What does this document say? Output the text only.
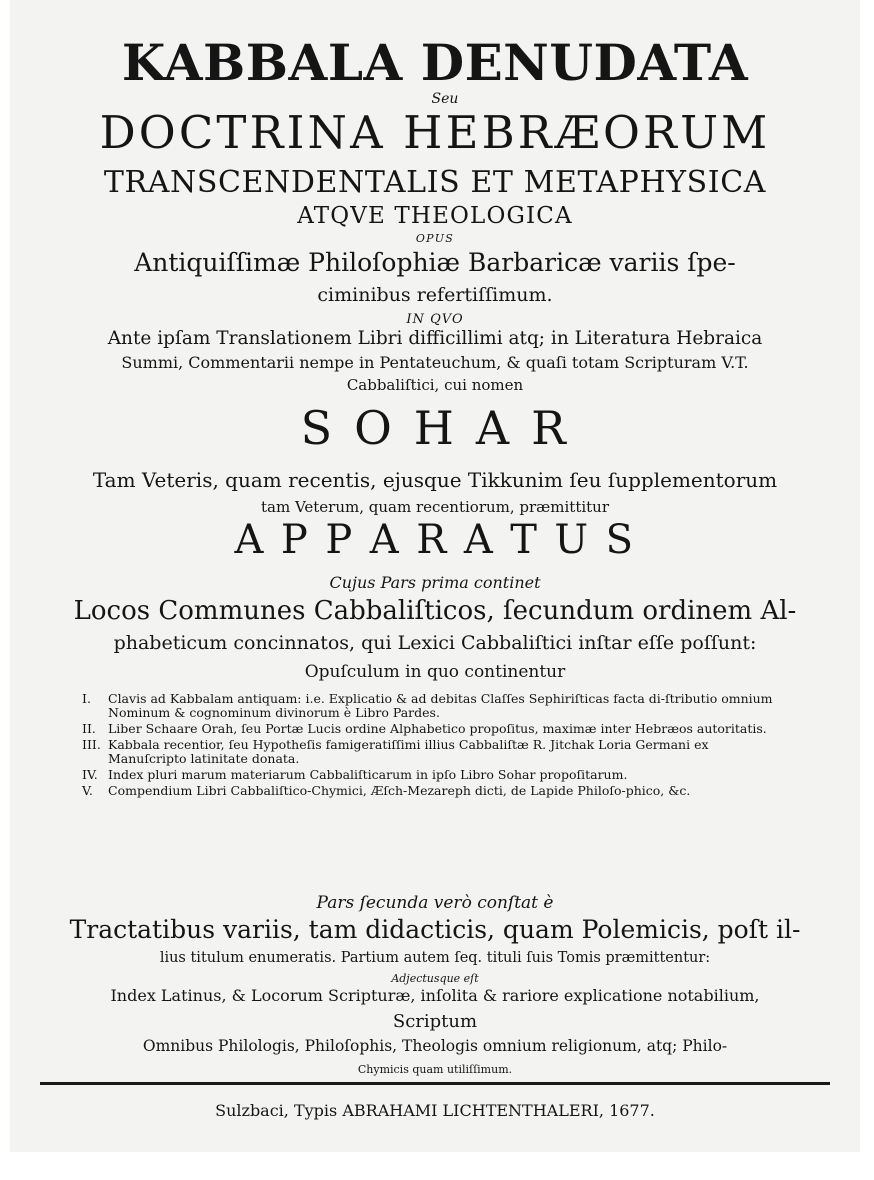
KABBALA DENUDATA
Seu
DOCTRINA HEBRÆORUM
TRANSCENDENTALIS ET METAPHYSICA
ATQVE THEOLOGICA
OPUS
Antiquiſſimæ Philoſophiæ Barbaricæ variis ſpe-
ciminibus refertiſſimum.
IN QVO
Ante ipſam Translationem Libri difficillimi atq; in Literatura Hebraica
Summi, Commentarii nempe in Pentateuchum, & quaſi totam Scripturam V.T.
Cabbaliſtici, cui nomen
S O H A R
Tam Veteris, quam recentis, ejusque Tikkunim ſeu ſupplementorum
tam Veterum, quam recentiorum, præmittitur
A P P A R A T U S
Cujus Pars prima continet
Locos Communes Cabbaliſticos, ſecundum ordinem Al-
phabeticum concinnatos, qui Lexici Cabbaliſtici inſtar eſſe poſſunt:
Opuſculum in quo continentur
I.	Clavis ad Kabbalam antiquam: i.e. Explicatio & ad debitas Claſſes Sephiriſticas facta di-ſtributio omnium Nominum & cognominum divinorum è Libro Pardes.
II. Liber Schaare Orah, ſeu Portæ Lucis ordine Alphabetico propoſitus, maximæ inter Hebræos autoritatis.
III. Kabbala recentior, ſeu Hypotheſis famigeratiſſimi illius Cabbaliſtæ R. Jitchak Loria Germani ex Manuſcripto latinitate donata.
IV. Index pluri marum materiarum Cabbaliſticarum in ipſo Libro Sohar propoſitarum.
V.	Compendium Libri Cabbaliſtico-Chymici, Æſch-Mezareph dicti, de Lapide Philoſo-phico, &c.
Pars ſecunda verò conſtat è
Tractatibus variis, tam didacticis, quam Polemicis, poſt il-
lius titulum enumeratis. Partium autem ſeq. tituli ſuis Tomis præmittentur:
Adjectusque eſt
Index Latinus, & Locorum Scripturæ, inſolita & rariore explicatione notabilium,
Scriptum
Omnibus Philologis, Philoſophis, Theologis omnium religionum, atq; Philo-
Chymicis quam utiliſſimum.
Sulzbaci, Typis ABRAHAMI LICHTENTHALERI, 1677.
